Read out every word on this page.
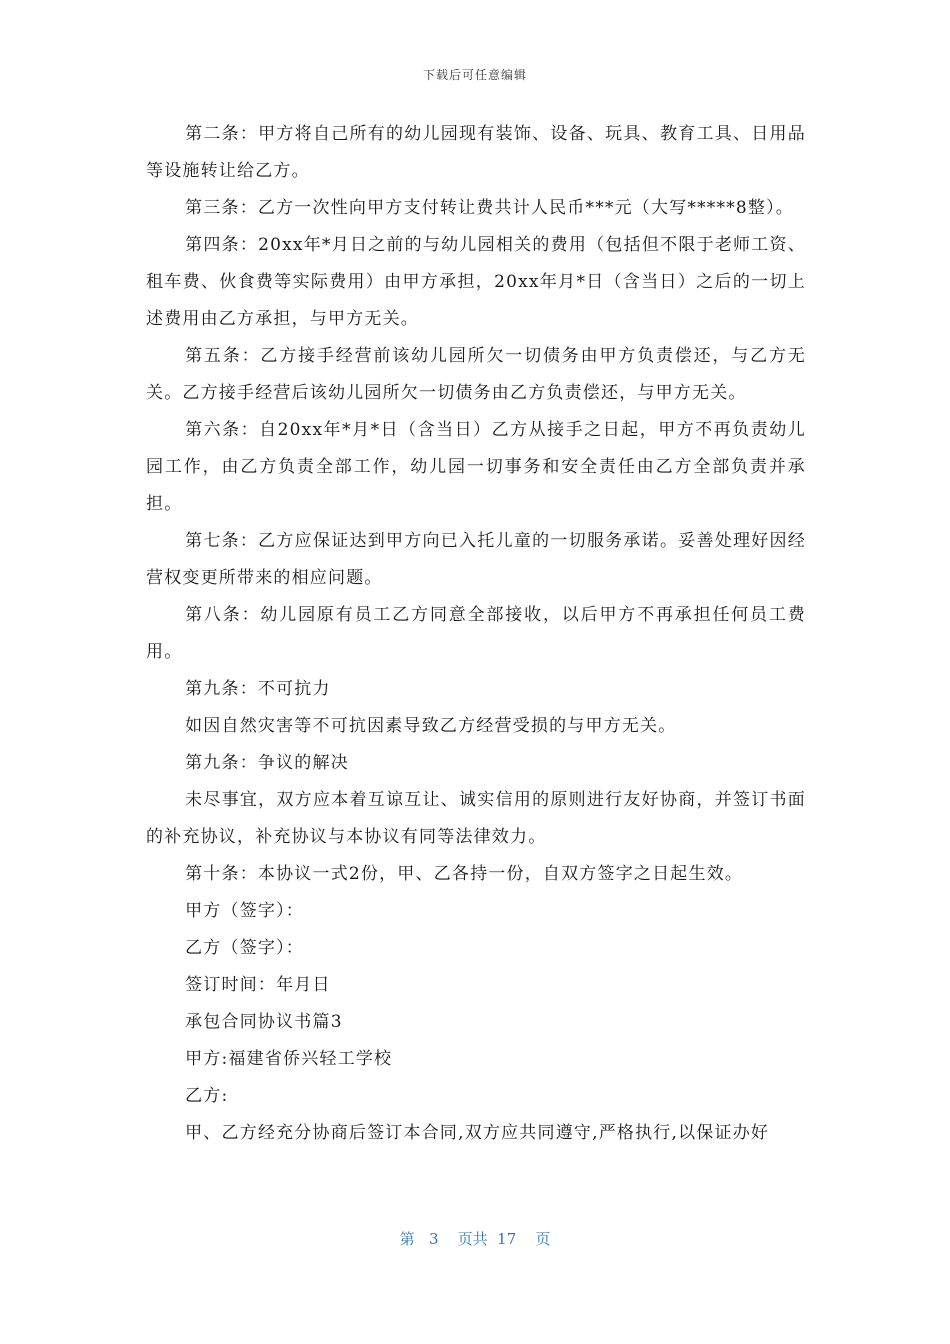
下载后可任意编辑

第二条：甲方将自己所有的幼儿园现有装饰、设备、玩具、教育工具、日用品等设施转让给乙方。

第三条：乙方一次性向甲方支付转让费共计人民币***元（大写*****8整）。

第四条：20xx年*月日之前的与幼儿园相关的费用（包括但不限于老师工资、租车费、伙食费等实际费用）由甲方承担，20xx年月*日（含当日）之后的一切上述费用由乙方承担，与甲方无关。

第五条：乙方接手经营前该幼儿园所欠一切债务由甲方负责偿还，与乙方无关。乙方接手经营后该幼儿园所欠一切债务由乙方负责偿还，与甲方无关。

第六条：自20xx年*月*日（含当日）乙方从接手之日起，甲方不再负责幼儿园工作，由乙方负责全部工作，幼儿园一切事务和安全责任由乙方全部负责并承担。

第七条：乙方应保证达到甲方向已入托儿童的一切服务承诺。妥善处理好因经营权变更所带来的相应问题。

第八条：幼儿园原有员工乙方同意全部接收，以后甲方不再承担任何员工费用。

第九条：不可抗力

如因自然灾害等不可抗因素导致乙方经营受损的与甲方无关。

第九条：争议的解决

未尽事宜，双方应本着互谅互让、诚实信用的原则进行友好协商，并签订书面的补充协议，补充协议与本协议有同等法律效力。

第十条：本协议一式2份，甲、乙各持一份，自双方签字之日起生效。

甲方（签字）：

乙方（签字）：

签订时间：年月日

承包合同协议书篇3

甲方:福建省侨兴轻工学校

乙方:

甲、乙方经充分协商后签订本合同,双方应共同遵守,严格执行,以保证办好

第 3 页共 17 页
